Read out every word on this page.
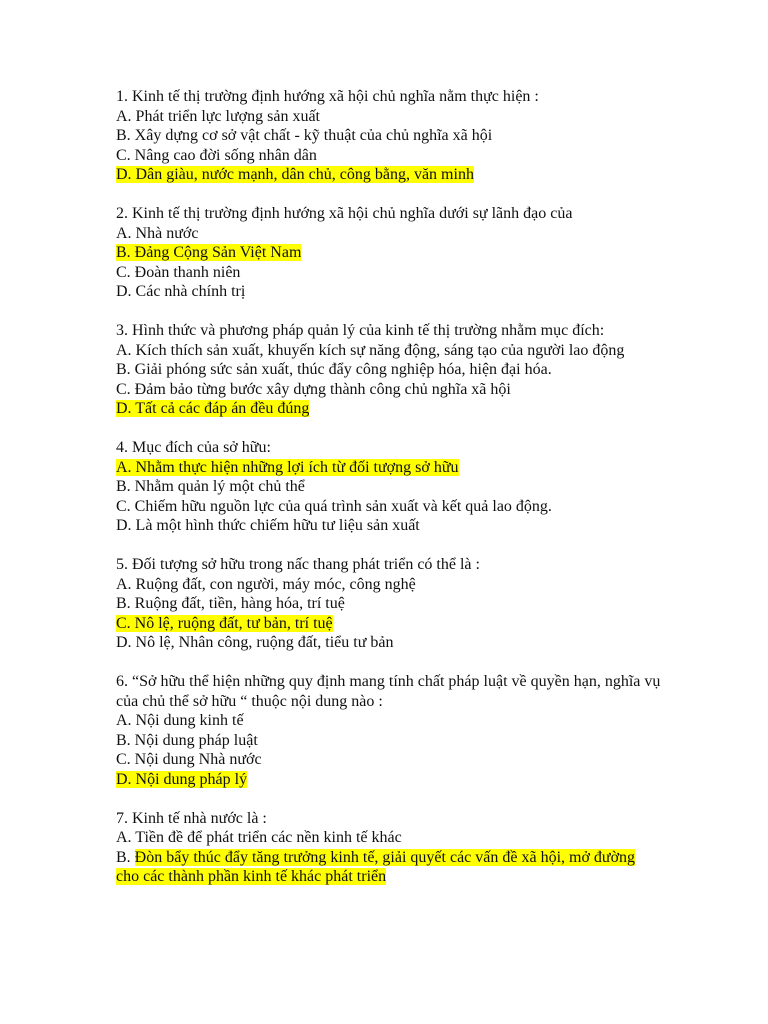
1. Kinh tế thị trường định hướng xã hội chủ nghĩa nằm thực hiện :
A. Phát triển lực lượng sản xuất
B. Xây dựng cơ sở vật chất - kỹ thuật của chủ nghĩa xã hội
C. Nâng cao đời sống nhân dân
D. Dân giàu, nước mạnh, dân chủ, công bằng, văn minh
2. Kinh tế thị trường định hướng xã hội chủ nghĩa dưới sự lãnh đạo của
A. Nhà nước
B. Đảng Cộng Sản Việt Nam
C. Đoàn thanh niên
D. Các nhà chính trị
3. Hình thức và phương pháp quản lý của kinh tế thị trường nhằm mục đích:
A. Kích thích sản xuất, khuyến kích sự năng động, sáng tạo của người lao động
B. Giải phóng sức sản xuất, thúc đẩy công nghiệp hóa, hiện đại hóa.
C. Đảm bảo từng bước xây dựng thành công chủ nghĩa xã hội
D. Tất cả các đáp án đều đúng
4. Mục đích của sở hữu:
A. Nhằm thực hiện những lợi ích từ đối tượng sở hữu
B. Nhằm quản lý một chủ thể
C. Chiếm hữu nguồn lực của quá trình sản xuất và kết quả lao động.
D. Là một hình thức chiếm hữu tư liệu sản xuất
5. Đối tượng sở hữu trong nấc thang phát triển có thể là :
A. Ruộng đất, con người, máy móc, công nghệ
B. Ruộng đất, tiền, hàng hóa, trí tuệ
C. Nô lệ, ruộng đất, tư bản, trí tuệ
D. Nô lệ, Nhân công, ruộng đất, tiểu tư bản
6. “Sở hữu thể hiện những quy định mang tính chất pháp luật về quyền hạn, nghĩa vụ của chủ thể sở hữu “ thuộc nội dung nào :
A. Nội dung kinh tế
B. Nội dung pháp luật
C. Nội dung Nhà nước
D. Nội dung pháp lý
7. Kinh tế nhà nước là :
A. Tiền đề để phát triển các nền kinh tế khác
B. Đòn bẩy thúc đẩy tăng trưởng kinh tế, giải quyết các vấn đề xã hội, mở đường cho các thành phần kinh tế khác phát triển
